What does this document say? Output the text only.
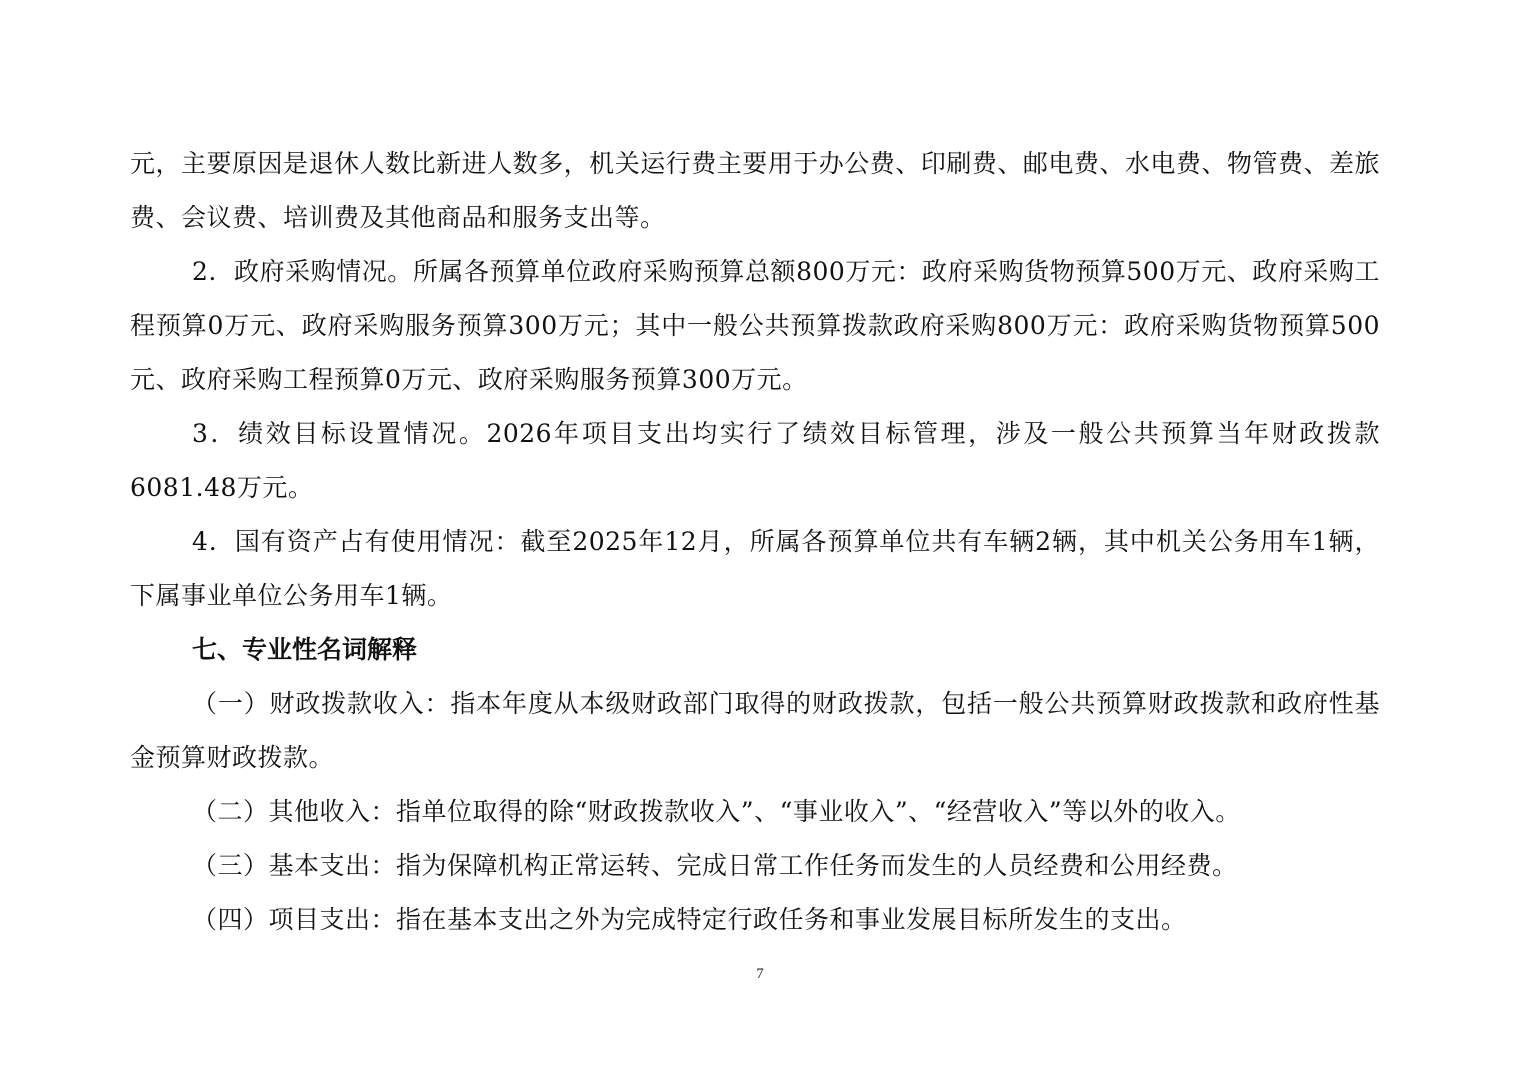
元，主要原因是退休人数比新进人数多，机关运行费主要用于办公费、印刷费、邮电费、水电费、物管费、差旅费、会议费、培训费及其他商品和服务支出等。

2．政府采购情况。所属各预算单位政府采购预算总额800万元：政府采购货物预算500万元、政府采购工程预算0万元、政府采购服务预算300万元；其中一般公共预算拨款政府采购800万元：政府采购货物预算500元、政府采购工程预算0万元、政府采购服务预算300万元。

3．绩效目标设置情况。2026年项目支出均实行了绩效目标管理，涉及一般公共预算当年财政拨款6081.48万元。

4．国有资产占有使用情况：截至2025年12月，所属各预算单位共有车辆2辆，其中机关公务用车1辆，下属事业单位公务用车1辆。

七、专业性名词解释

（一）财政拨款收入：指本年度从本级财政部门取得的财政拨款，包括一般公共预算财政拨款和政府性基金预算财政拨款。

（二）其他收入：指单位取得的除“财政拨款收入”、“事业收入”、“经营收入”等以外的收入。

（三）基本支出：指为保障机构正常运转、完成日常工作任务而发生的人员经费和公用经费。

（四）项目支出：指在基本支出之外为完成特定行政任务和事业发展目标所发生的支出。

7
